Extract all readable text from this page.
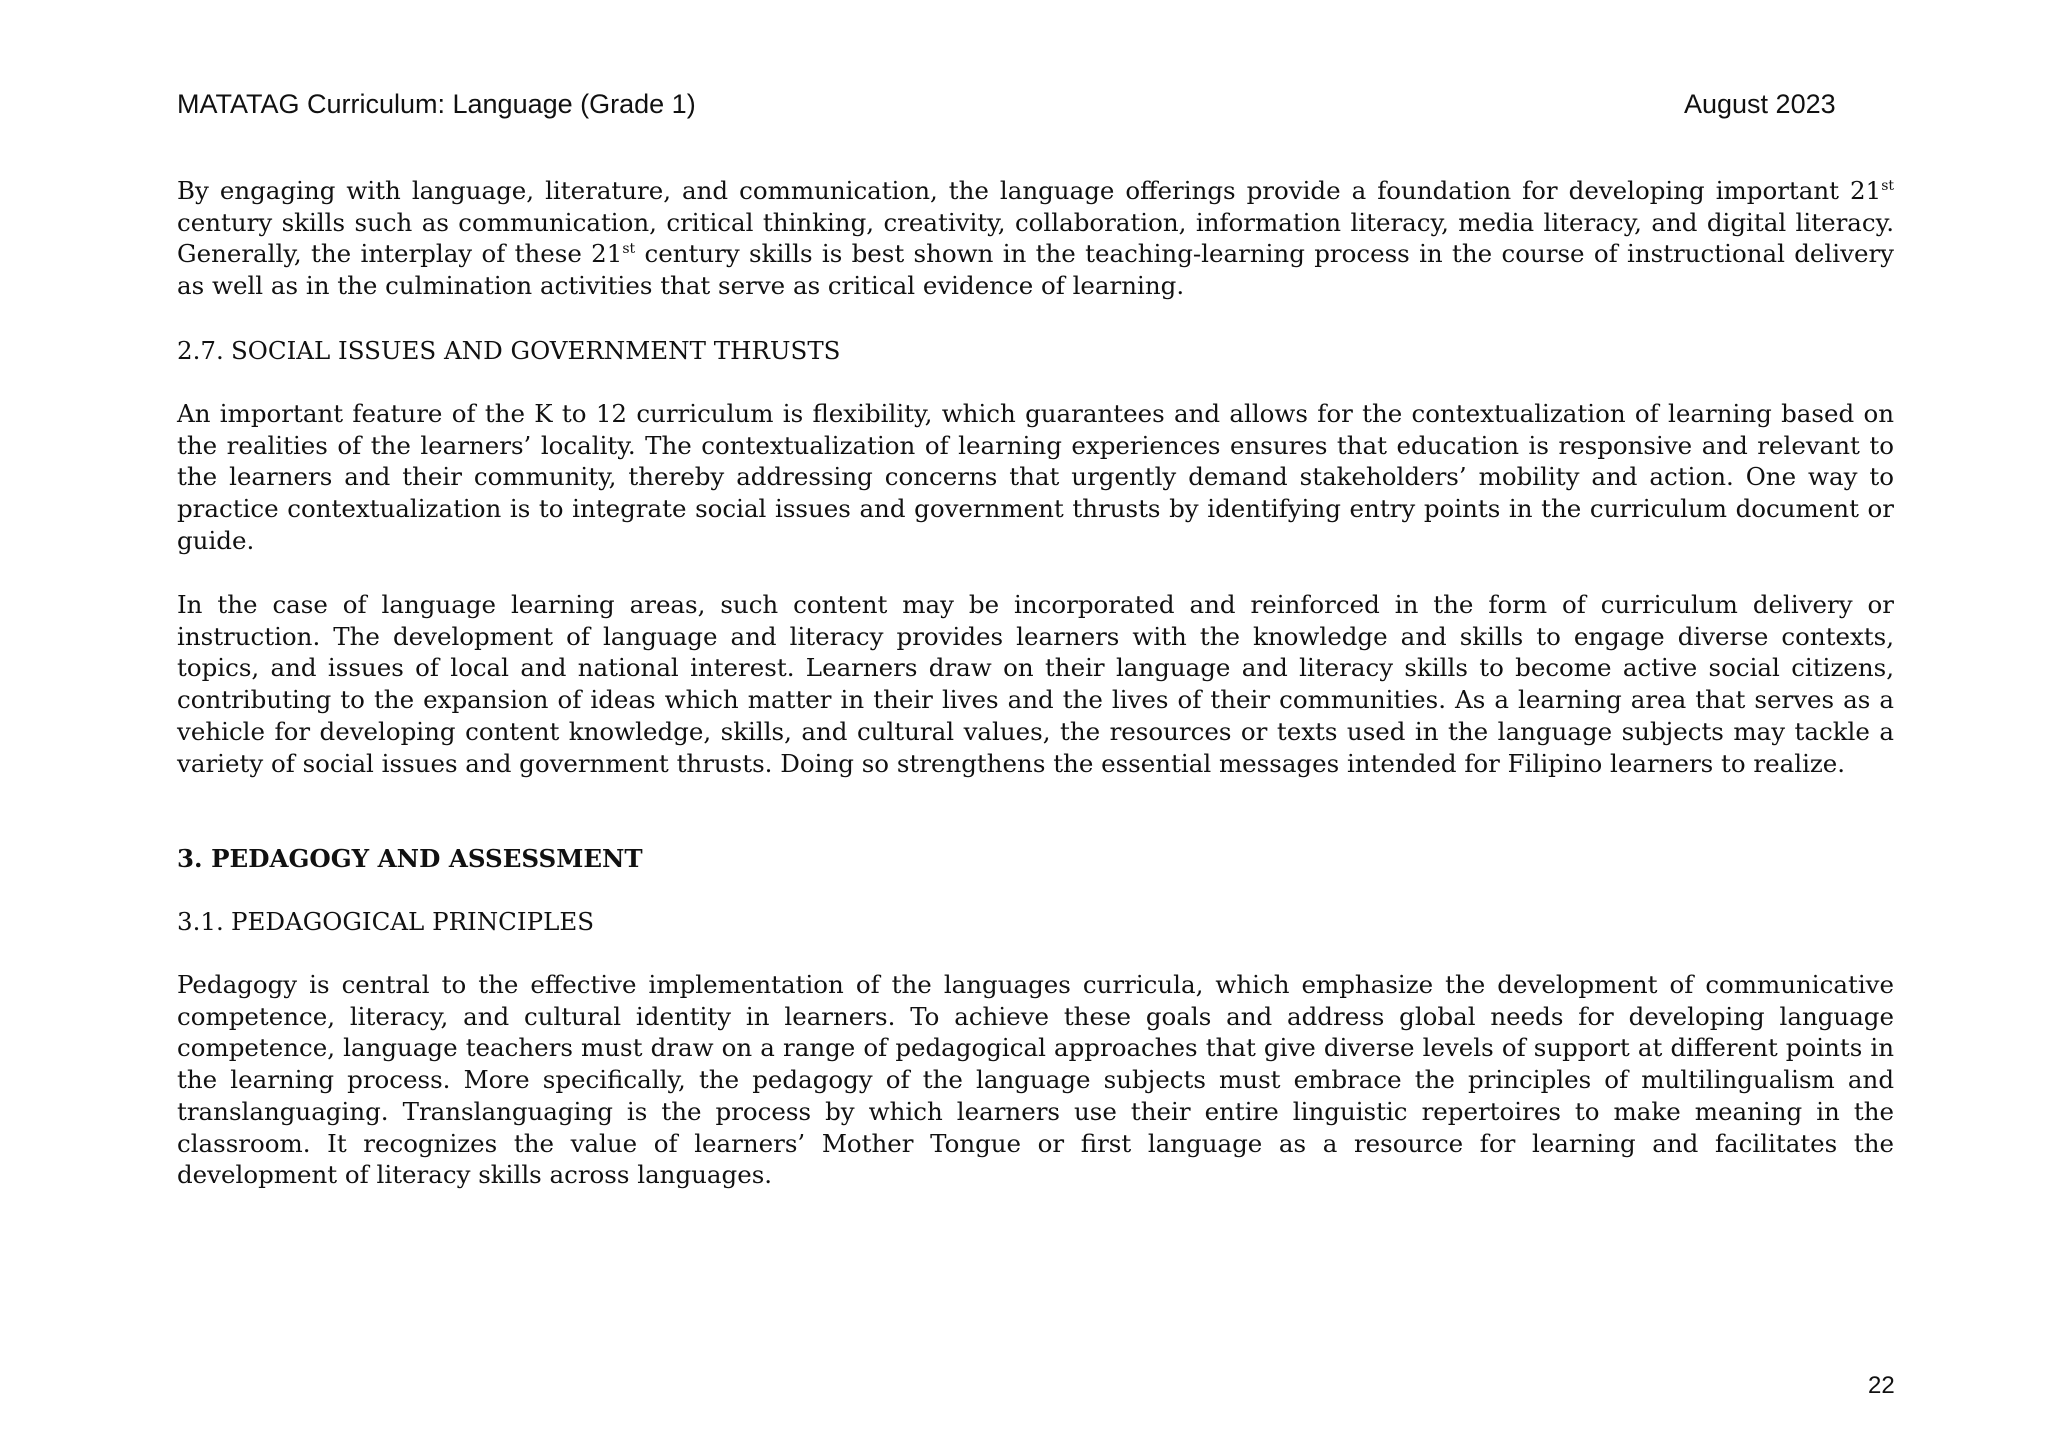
MATATAG Curriculum: Language (Grade 1)	August 2023

By engaging with language, literature, and communication, the language offerings provide a foundation for developing important 21st century skills such as communication, critical thinking, creativity, collaboration, information literacy, media literacy, and digital literacy. Generally, the interplay of these 21st century skills is best shown in the teaching-learning process in the course of instructional delivery as well as in the culmination activities that serve as critical evidence of learning.

2.7. SOCIAL ISSUES AND GOVERNMENT THRUSTS

An important feature of the K to 12 curriculum is flexibility, which guarantees and allows for the contextualization of learning based on the realities of the learners’ locality. The contextualization of learning experiences ensures that education is responsive and relevant to the learners and their community, thereby addressing concerns that urgently demand stakeholders’ mobility and action. One way to practice contextualization is to integrate social issues and government thrusts by identifying entry points in the curriculum document or guide.

In the case of language learning areas, such content may be incorporated and reinforced in the form of curriculum delivery or instruction. The development of language and literacy provides learners with the knowledge and skills to engage diverse contexts, topics, and issues of local and national interest. Learners draw on their language and literacy skills to become active social citizens, contributing to the expansion of ideas which matter in their lives and the lives of their communities. As a learning area that serves as a vehicle for developing content knowledge, skills, and cultural values, the resources or texts used in the language subjects may tackle a variety of social issues and government thrusts. Doing so strengthens the essential messages intended for Filipino learners to realize.

3. PEDAGOGY AND ASSESSMENT
3.1. PEDAGOGICAL PRINCIPLES

Pedagogy is central to the effective implementation of the languages curricula, which emphasize the development of communicative competence, literacy, and cultural identity in learners. To achieve these goals and address global needs for developing language competence, language teachers must draw on a range of pedagogical approaches that give diverse levels of support at different points in the learning process. More specifically, the pedagogy of the language subjects must embrace the principles of multilingualism and translanguaging. Translanguaging is the process by which learners use their entire linguistic repertoires to make meaning in the classroom. It recognizes the value of learners’ Mother Tongue or first language as a resource for learning and facilitates the development of literacy skills across languages.

22
